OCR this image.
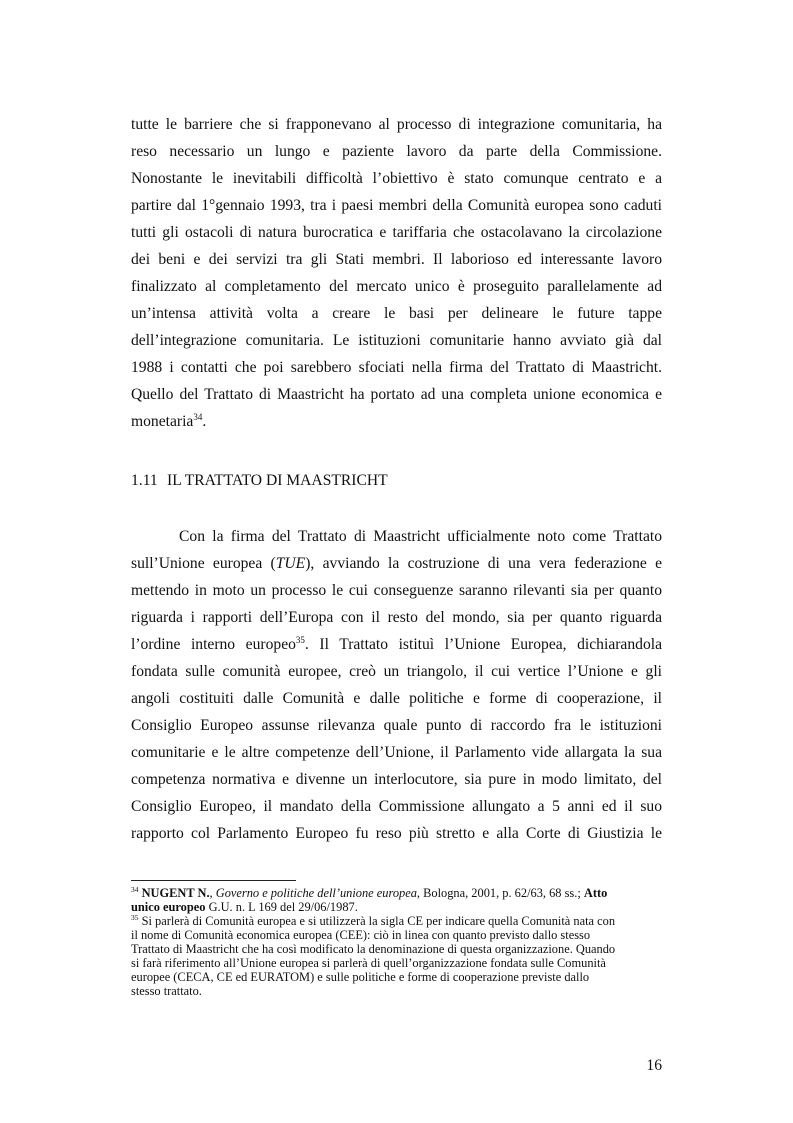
tutte le barriere che si frapponevano al processo di integrazione comunitaria, ha
reso necessario un lungo e paziente lavoro da parte della Commissione.
Nonostante le inevitabili difficoltà l’obiettivo è stato comunque centrato e a
partire dal 1°gennaio 1993, tra i paesi membri della Comunità europea sono caduti
tutti gli ostacoli di natura burocratica e tariffaria che ostacolavano la circolazione
dei beni e dei servizi tra gli Stati membri. Il laborioso ed interessante lavoro
finalizzato al completamento del mercato unico è proseguito parallelamente ad
un’intensa attività volta a creare le basi per delineare le future tappe
dell’integrazione comunitaria. Le istituzioni comunitarie hanno avviato già dal
1988 i contatti che poi sarebbero sfociati nella firma del Trattato di Maastricht.
Quello del Trattato di Maastricht ha portato ad una completa unione economica e
monetaria$^{34}$.
1.11 IL TRATTATO DI MAASTRICHT
Con la firma del Trattato di Maastricht ufficialmente noto come Trattato
sull’Unione europea (TUE), avviando la costruzione di una vera federazione e
mettendo in moto un processo le cui conseguenze saranno rilevanti sia per quanto
riguarda i rapporti dell’Europa con il resto del mondo, sia per quanto riguarda
l’ordine interno europeo$^{35}$. Il Trattato istituì l’Unione Europea, dichiarandola
fondata sulle comunità europee, creò un triangolo, il cui vertice l’Unione e gli
angoli costituiti dalle Comunità e dalle politiche e forme di cooperazione, il
Consiglio Europeo assunse rilevanza quale punto di raccordo fra le istituzioni
comunitarie e le altre competenze dell’Unione, il Parlamento vide allargata la sua
competenza normativa e divenne un interlocutore, sia pure in modo limitato, del
Consiglio Europeo, il mandato della Commissione allungato a 5 anni ed il suo
rapporto col Parlamento Europeo fu reso più stretto e alla Corte di Giustizia le
$^{34}$ NUGENT N., Governo e politiche dell’unione europea, Bologna, 2001, p. 62/63, 68 ss.; Atto
unico europeo G.U. n. L 169 del 29/06/1987.
$^{35}$ Si parlerà di Comunità europea e si utilizzerà la sigla CE per indicare quella Comunità nata con
il nome di Comunità economica europea (CEE): ciò in linea con quanto previsto dallo stesso
Trattato di Maastricht che ha così modificato la denominazione di questa organizzazione. Quando
si farà riferimento all’Unione europea si parlerà di quell’organizzazione fondata sulle Comunità
europee (CECA, CE ed EURATOM) e sulle politiche e forme di cooperazione previste dallo
stesso trattato.
16
